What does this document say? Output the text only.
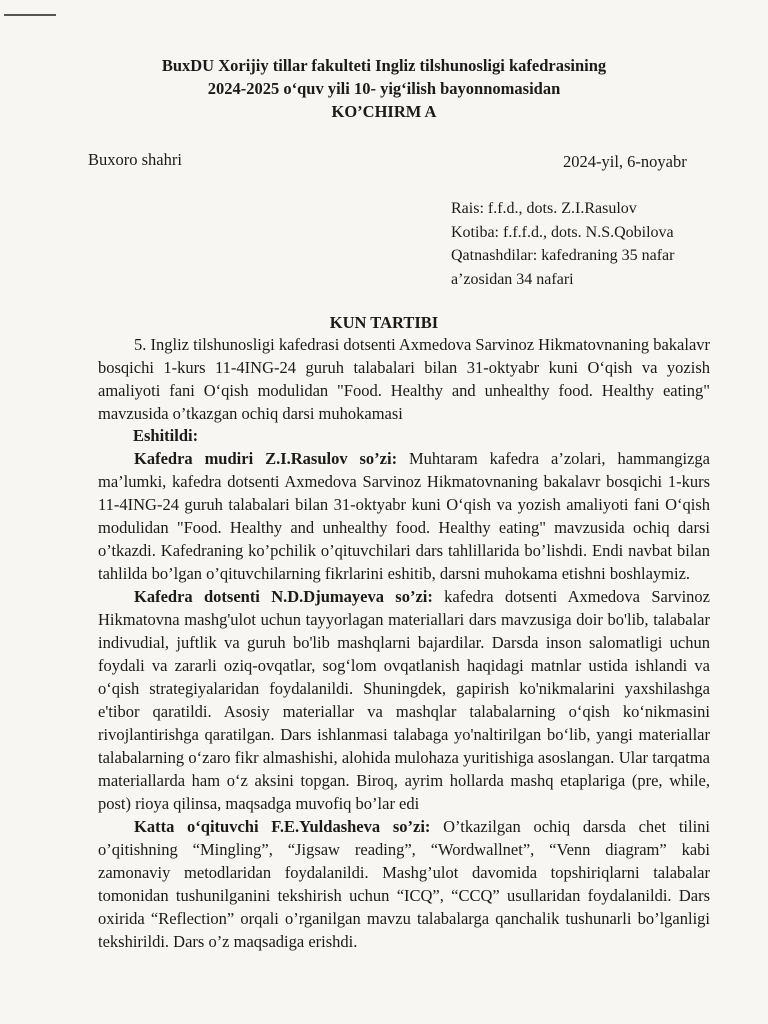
BuxDU Xorijiy tillar fakulteti Ingliz tilshunosligi kafedrasining
2024-2025 o‘quv yili 10- yig‘ilish bayonnomasidan
KO’CHIRM A
Buxoro shahri	2024-yil, 6-noyabr
Rais: f.f.d., dots. Z.I.Rasulov
Kotiba: f.f.f.d., dots. N.S.Qobilova
Qatnashdilar: kafedraning 35 nafar
a’zosidan 34 nafari
KUN TARTIBI

5. Ingliz tilshunosligi kafedrasi dotsenti Axmedova Sarvinoz Hikmatovnaning bakalavr bosqichi 1-kurs 11-4ING-24 guruh talabalari bilan 31-oktyabr kuni O‘qish va yozish amaliyoti fani O‘qish modulidan "Food. Healthy and unhealthy food. Healthy eating" mavzusida o’tkazgan ochiq darsi muhokamasi

Eshitildi:

Kafedra mudiri Z.I.Rasulov so’zi: Muhtaram kafedra a’zolari, hammangizga ma’lumki, kafedra dotsenti Axmedova Sarvinoz Hikmatovnaning bakalavr bosqichi 1-kurs 11-4ING-24 guruh talabalari bilan 31-oktyabr kuni O‘qish va yozish amaliyoti fani O‘qish modulidan "Food. Healthy and unhealthy food. Healthy eating" mavzusida ochiq darsi o’tkazdi. Kafedraning ko’pchilik o’qituvchilari dars tahlillarida bo’lishdi. Endi navbat bilan tahlilda bo’lgan o’qituvchilarning fikrlarini eshitib, darsni muhokama etishni boshlaymiz.

Kafedra dotsenti N.D.Djumayeva so’zi: kafedra dotsenti Axmedova Sarvinoz Hikmatovna mashg'ulot uchun tayyorlagan materiallari dars mavzusiga doir bo'lib, talabalar indivudial, juftlik va guruh bo'lib mashqlarni bajardilar. Darsda inson salomatligi uchun foydali va zararli oziq-ovqatlar, sog‘lom ovqatlanish haqidagi matnlar ustida ishlandi va o‘qish strategiyalaridan foydalanildi. Shuningdek, gapirish ko'nikmalarini yaxshilashga e'tibor qaratildi. Asosiy materiallar va mashqlar talabalarning o‘qish ko‘nikmasini rivojlantirishga qaratilgan. Dars ishlanmasi talabaga yo'naltirilgan bo‘lib, yangi materiallar talabalarning o‘zaro fikr almashishi, alohida mulohaza yuritishiga asoslangan. Ular tarqatma materiallarda ham o‘z aksini topgan. Biroq, ayrim hollarda mashq etaplariga (pre, while, post) rioya qilinsa, maqsadga muvofiq bo’lar edi

Katta o‘qituvchi F.E.Yuldasheva so’zi: O’tkazilgan ochiq darsda chet tilini o’qitishning “Mingling”, “Jigsaw reading”, “Wordwallnet”, “Venn diagram” kabi zamonaviy metodlaridan foydalanildi. Mashg’ulot davomida topshiriqlarni talabalar tomonidan tushunilganini tekshirish uchun “ICQ”, “CCQ” usullaridan foydalanildi. Dars oxirida “Reflection” orqali o’rganilgan mavzu talabalarga qanchalik tushunarli bo’lganligi tekshirildi. Dars o’z maqsadiga erishdi.
